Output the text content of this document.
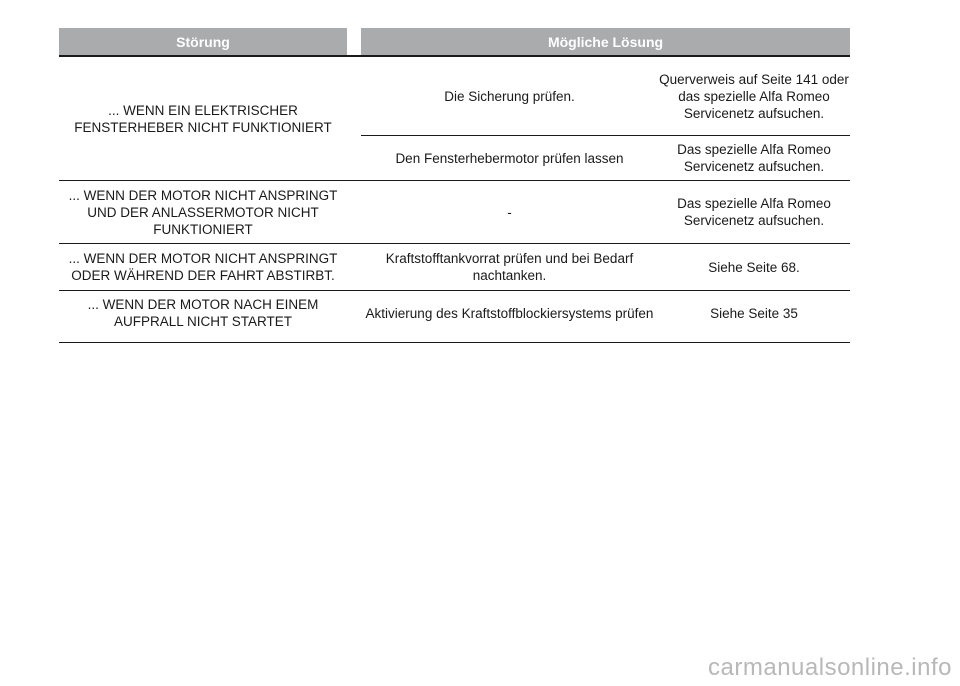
Störung	Mögliche Lösung
... WENN EIN ELEKTRISCHER FENSTERHEBER NICHT FUNKTIONIERT
Die Sicherung prüfen.
Querverweis auf Seite 141 oder das spezielle Alfa Romeo Servicenetz aufsuchen.
Den Fensterhebermotor prüfen lassen
Das spezielle Alfa Romeo Servicenetz aufsuchen.
... WENN DER MOTOR NICHT ANSPRINGT UND DER ANLASSERMOTOR NICHT FUNKTIONIERT
-
Das spezielle Alfa Romeo Servicenetz aufsuchen.
... WENN DER MOTOR NICHT ANSPRINGT ODER WÄHREND DER FAHRT ABSTIRBT.
Kraftstofftankvorrat prüfen und bei Bedarf nachtanken.
Siehe Seite 68.
... WENN DER MOTOR NACH EINEM AUFPRALL NICHT STARTET
Aktivierung des Kraftstoffblockiersystems prüfen	Siehe Seite 35
carmanualsonline.info
